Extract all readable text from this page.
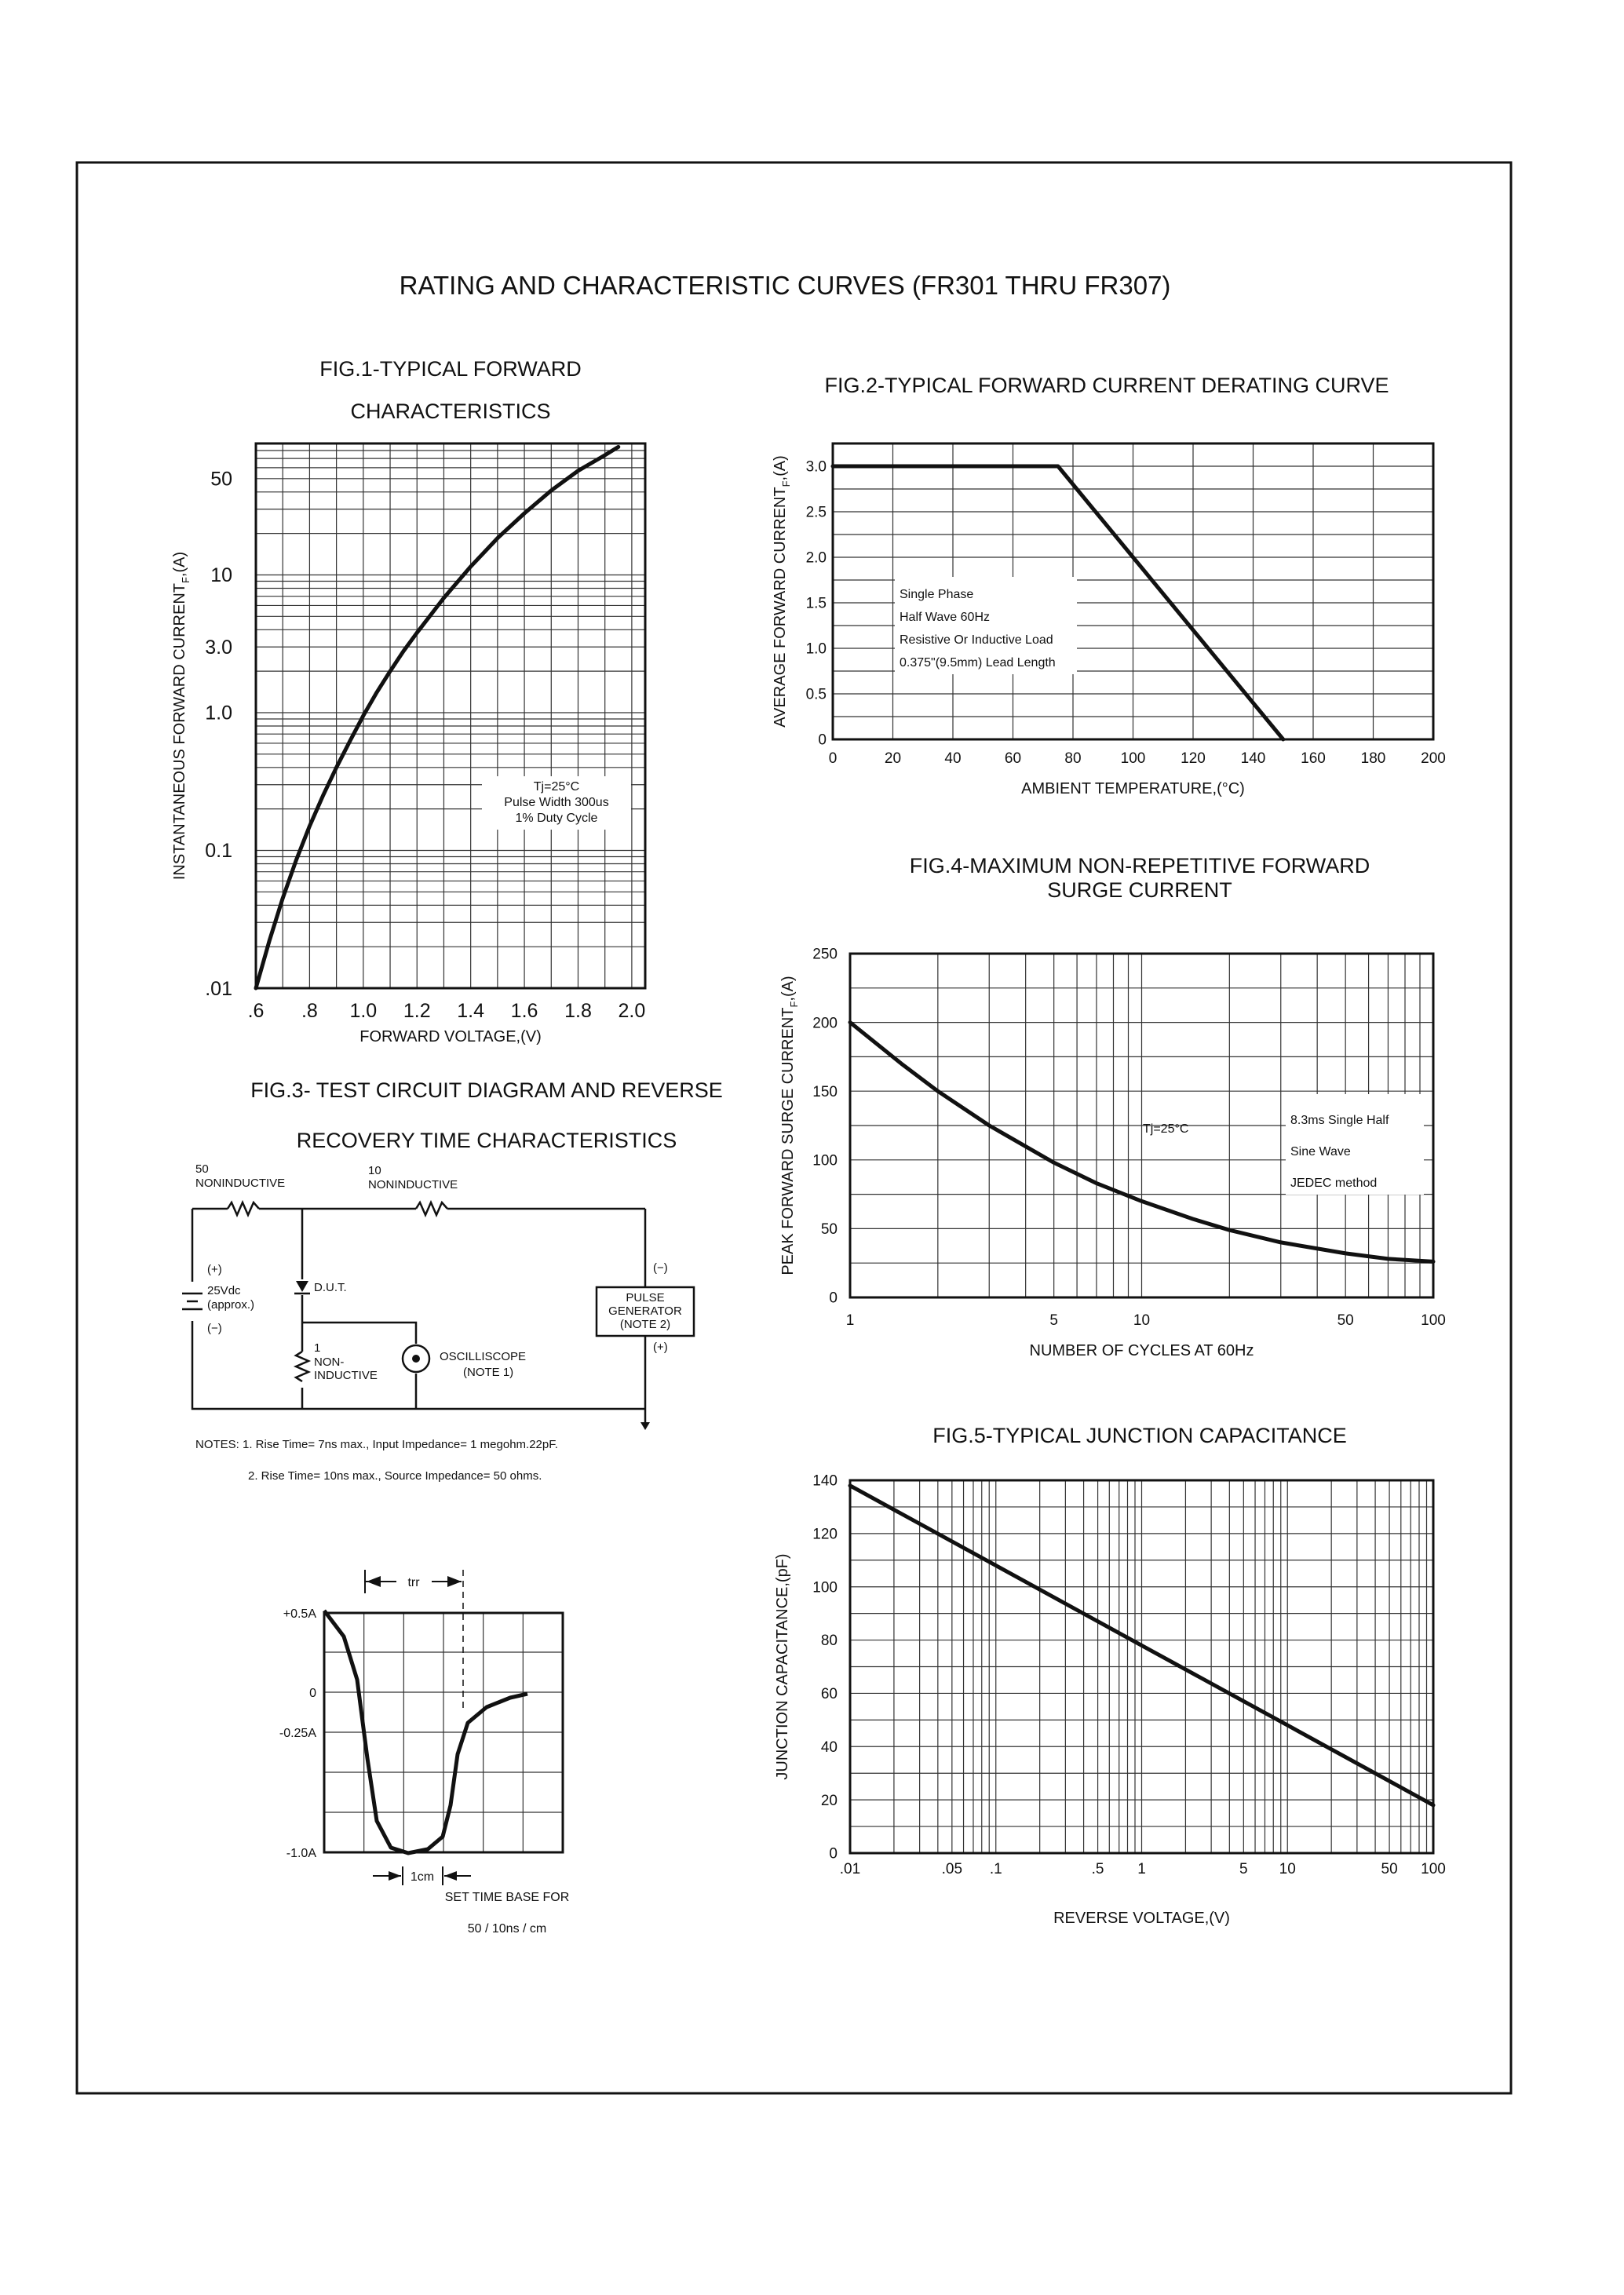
RATING AND CHARACTERISTIC CURVES (FR301 THRU FR307)
FIG.1-TYPICAL FORWARD
CHARACTERISTICS
.6 .8 1.0 1.2 1.4 1.6 1.8 2.0
.01
0.1
1.0
3.0
10
50
FORWARD VOLTAGE,(V)
INSTANTANEOUS FORWARD $CURRENT_F,(A)$
Tj=25°C
Pulse Width 300us
1% Duty Cycle
FIG.2-TYPICAL FORWARD CURRENT DERATING CURVE
0	20	40	60	80	100 120 140 160 180 200
0
0.5
1.0
1.5
2.0
2.5
3.0
AMBIENT TEMPERATURE,(°C)
AVERAGE FORWARD $CURRENT_F,(A)$
Single Phase
Half Wave 60Hz
Resistive Or Inductive Load
0.375"(9.5mm) Lead Length
FIG.4-MAXIMUM NON-REPETITIVE FORWARD
SURGE CURRENT
1	5	10	50	100
0
50
100
150
200
250
NUMBER OF CYCLES AT 60Hz
PEAK FORWARD SURGE $CURRENT_F,(A)$
8.3ms Single Half
Sine Wave
JEDEC method
Tj=25°C
FIG.5-TYPICAL JUNCTION CAPACITANCE
.01	.05 .1	.5 1	5 10	50 100
0
20
40
60
80
100
120
140
REVERSE VOLTAGE,(V)
JUNCTION CAPACITANCE,(pF)
FIG.3- TEST CIRCUIT DIAGRAM AND REVERSE
RECOVERY TIME CHARACTERISTICS
50
NONINDUCTIVE
10
NONINDUCTIVE
(+)
25Vdc
(approx.)
(−)
D.U.T.
1
NON-
INDUCTIVE
OSCILLISCOPE
(NOTE 1)
PULSE
GENERATOR
(NOTE 2)
(−)
(+)
NOTES: 1. Rise Time= 7ns max., Input Impedance= 1 megohm.22pF.
2. Rise Time= 10ns max., Source Impedance= 50 ohms.
+0.5A
0
-0.25A
-1.0A
trr
1cm
SET TIME BASE FOR
50 / 10ns / cm
